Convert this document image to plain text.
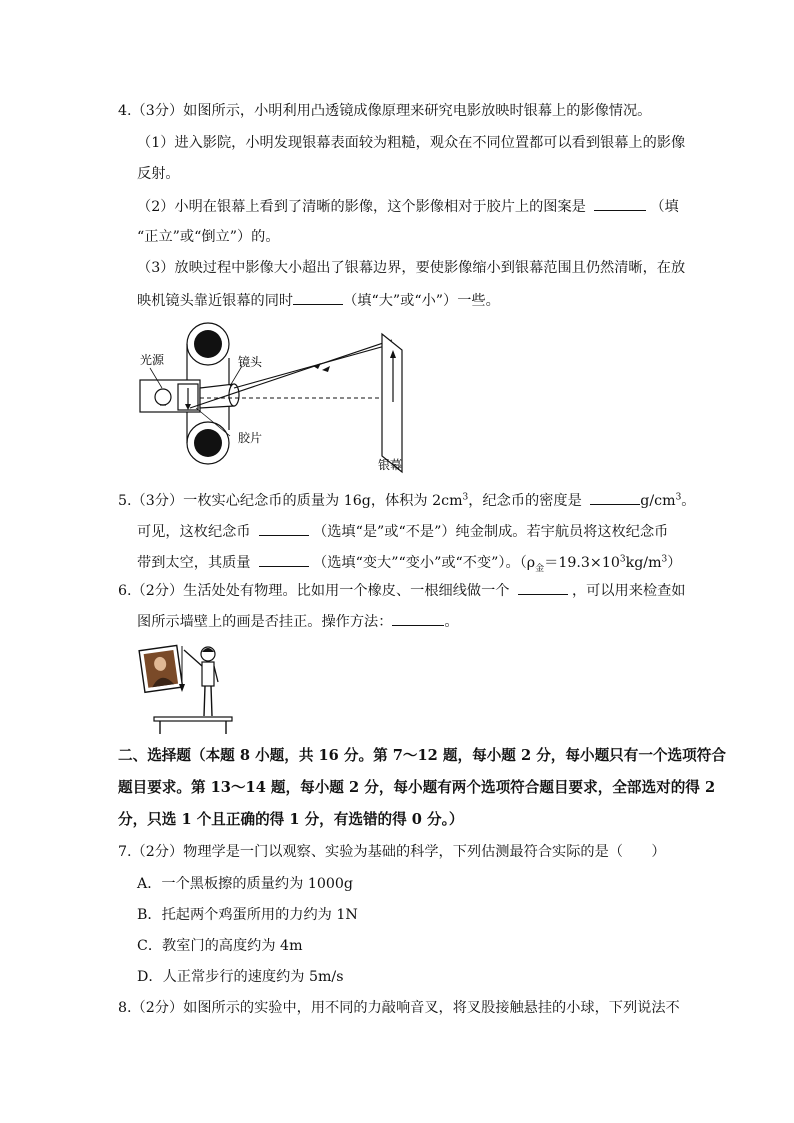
4.（3分）如图所示，小明利用凸透镜成像原理来研究电影放映时银幕上的影像情况。
（1）进入影院，小明发现银幕表面较为粗糙，观众在不同位置都可以看到银幕上的影像
反射。
（2）小明在银幕上看到了清晰的影像，这个影像相对于胶片上的图案是	（填
“正立”或“倒立”）的。
（3）放映过程中影像大小超出了银幕边界，要使影像缩小到银幕范围且仍然清晰，在放
映机镜头靠近银幕的同时	（填“大”或“小”）一些。
光源	镜头
胶片
银幕
5.（3分）一枚实心纪念币的质量为 16g，体积为 $2cm^3$，纪念币的密度是	$g/cm^3$。
可见，这枚纪念币	（选填“是”或“不是”）纯金制成。若宇航员将这枚纪念币
带到太空，其质量	（选填“变大”“变小”或“不变”）。$(\rho_金=19.3\times 10^3kg/m^3)$
6.（2分）生活处处有物理。比如用一个橡皮、一根细线做一个	，可以用来检查如
图所示墙壁上的画是否挂正。操作方法：	。
二、选择题（本题 8 小题，共 16 分。第 7～12 题，每小题 2 分，每小题只有一个选项符合
题目要求。第 13～14 题，每小题 2 分，每小题有两个选项符合题目要求，全部选对的得 2
分，只选 1 个且正确的得 1 分，有选错的得 0 分。）
7.（2分）物理学是一门以观察、实验为基础的科学，下列估测最符合实际的是（　　）
A．一个黑板擦的质量约为 1000g
B．托起两个鸡蛋所用的力约为 1N
C．教室门的高度约为 4m
D．人正常步行的速度约为 5m/s
8.（2分）如图所示的实验中，用不同的力敲响音叉，将叉股接触悬挂的小球，下列说法不
